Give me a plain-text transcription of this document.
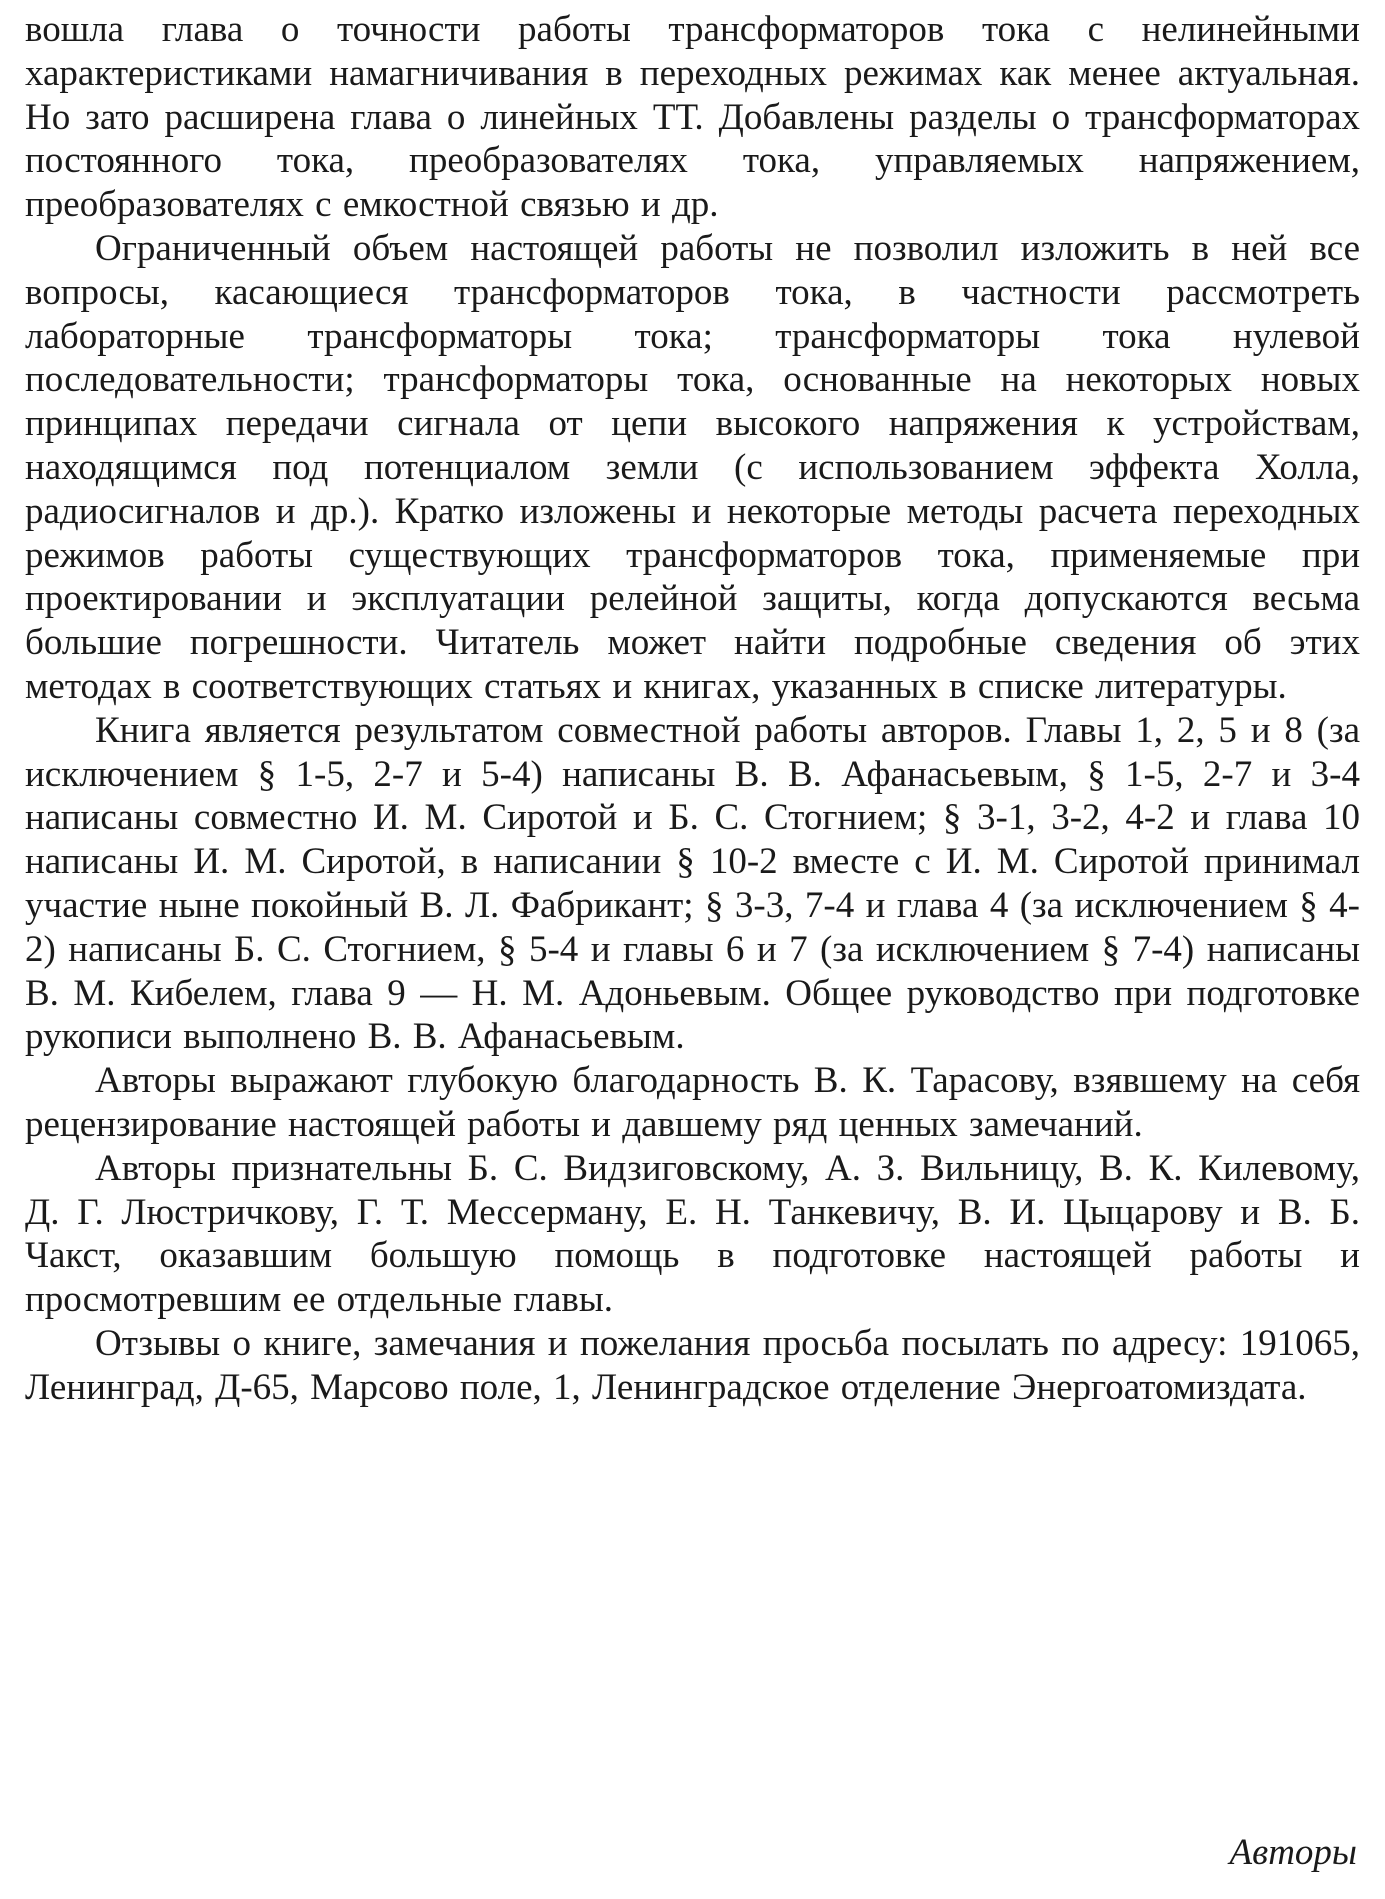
вошла глава о точности работы трансформаторов тока с нелинейными характеристиками намагничивания в переходных режимах как менее актуальная. Но зато расширена глава о линейных ТТ. Добавлены разделы о трансформаторах постоянного тока, преобразователях тока, управляемых напряжением, преобразователях с емкостной связью и др.

Ограниченный объем настоящей работы не позволил изложить в ней все вопросы, касающиеся трансформаторов тока, в частности рассмотреть лабораторные трансформаторы тока; трансформаторы тока нулевой последовательности; трансформаторы тока, основанные на некоторых новых принципах передачи сигнала от цепи высокого напряжения к устройствам, находящимся под потенциалом земли (с использованием эффекта Холла, радиосигналов и др.). Кратко изложены и некоторые методы расчета переходных режимов работы существующих трансформаторов тока, применяемые при проектировании и эксплуатации релейной защиты, когда допускаются весьма большие погрешности. Читатель может найти подробные сведения об этих методах в соответствующих статьях и книгах, указанных в списке литературы.

Книга является результатом совместной работы авторов. Главы 1, 2, 5 и 8 (за исключением § 1-5, 2-7 и 5-4) написаны В. В. Афанасьевым, § 1-5, 2-7 и 3-4 написаны совместно И. М. Сиротой и Б. С. Стогнием; § 3-1, 3-2, 4-2 и глава 10 написаны И. М. Сиротой, в написании § 10-2 вместе с И. М. Сиротой принимал участие ныне покойный В. Л. Фабрикант; § 3-3, 7-4 и глава 4 (за исключением § 4-2) написаны Б. С. Стогнием, § 5-4 и главы 6 и 7 (за исключением § 7-4) написаны В. М. Кибелем, глава 9 — Н. М. Адоньевым. Общее руководство при подготовке рукописи выполнено В. В. Афанасьевым.

Авторы выражают глубокую благодарность В. К. Тарасову, взявшему на себя рецензирование настоящей работы и давшему ряд ценных замечаний.

Авторы признательны Б. С. Видзиговскому, А. З. Вильницу, В. К. Килевому, Д. Г. Люстричкову, Г. Т. Мессерману, Е. Н. Танкевичу, В. И. Цыцарову и В. Б. Чакст, оказавшим большую помощь в подготовке настоящей работы и просмотревшим ее отдельные главы.

Отзывы о книге, замечания и пожелания просьба посылать по адресу: 191065, Ленинград, Д-65, Марсово поле, 1, Ленинградское отделение Энергоатомиздата.

Авторы
